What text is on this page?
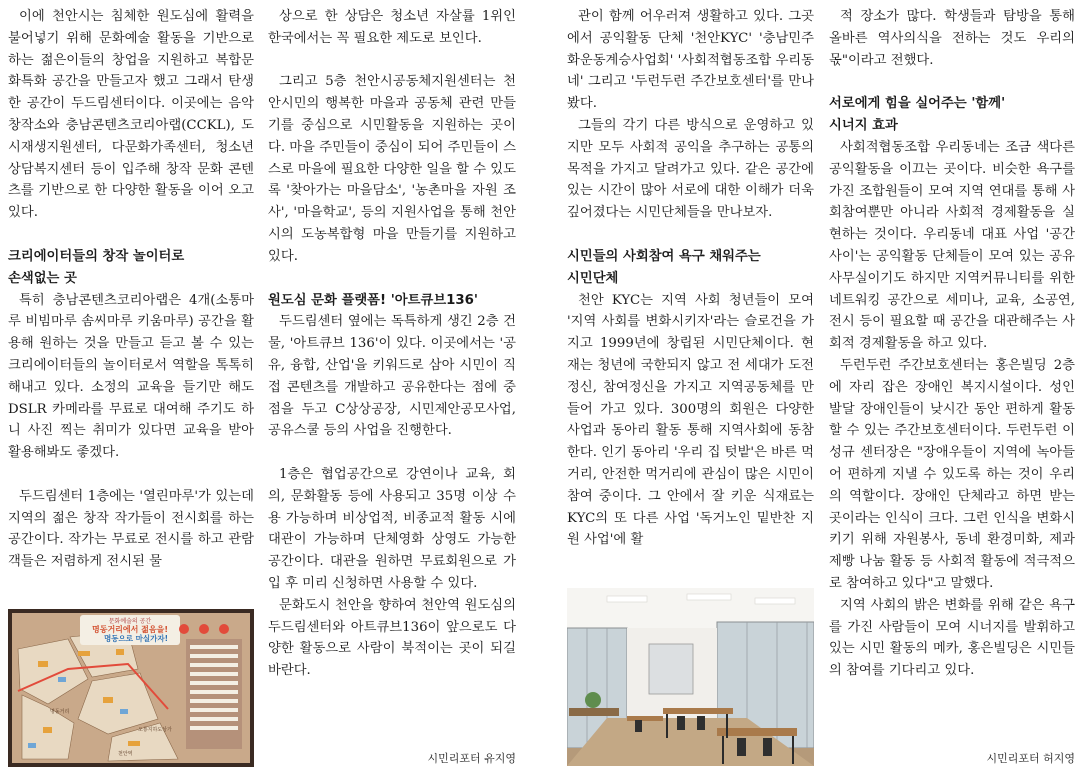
이에 천안시는 침체한 원도심에 활력을 불어넣기 위해 문화예술 활동을 기반으로 하는 젊은이들의 창업을 지원하고 복합문화특화 공간을 만들고자 했고 그래서 탄생한 공간이 두드림센터이다. 이곳에는 음악창작소와 충남콘텐츠코리아랩(CCKL), 도시재생지원센터, 다문화가족센터, 청소년상담복지센터 등이 입주해 창작 문화 콘텐츠를 기반으로 한 다양한 활동을 이어 오고 있다.

크리에이터들의 창작 놀이터로
손색없는 곳

특히 충남콘텐츠코리아랩은 4개(소통마루 비빔마루 솜씨마루 키움마루) 공간을 활용해 원하는 것을 만들고 듣고 볼 수 있는 크리에이터들의 놀이터로서 역할을 톡톡히 해내고 있다. 소정의 교육을 들기만 해도 DSLR 카메라를 무료로 대여해 주기도 하니 사진 찍는 취미가 있다면 교육을 받아 활용해봐도 좋겠다.

두드림센터 1층에는 '열린마루'가 있는데 지역의 젊은 창작 작가들이 전시회를 하는 공간이다. 작가는 무료로 전시를 하고 관람객들은 저렴하게 전시된 물

문화예술의 공간
명동거리에서 젊음을!
명동으로 마실가자!
명동거리
천안역
오룡지하도상가

상으로 한 상담은 청소년 자살률 1위인 한국에서는 꼭 필요한 제도로 보인다.

그리고 5층 천안시공동체지원센터는 천안시민의 행복한 마을과 공동체 관련 만들기를 중심으로 시민활동을 지원하는 곳이다. 마을 주민들이 중심이 되어 주민들이 스스로 마을에 필요한 다양한 일을 할 수 있도록 '찾아가는 마을담소', '농촌마을 자원 조사', '마을학교', 등의 지원사업을 통해 천안시의 도농복합형 마을 만들기를 지원하고 있다.

원도심 문화 플랫폼! '아트큐브136'

두드림센터 옆에는 독특하게 생긴 2층 건물, '아트큐브 136'이 있다. 이곳에서는 '공유, 융합, 산업'을 키워드로 삼아 시민이 직접 콘텐츠를 개발하고 공유한다는 점에 중점을 두고 C상상공장, 시민제안공모사업, 공유스쿨 등의 사업을 진행한다.

1층은 협업공간으로 강연이나 교육, 회의, 문화활동 등에 사용되고 35명 이상 수용 가능하며 비상업적, 비종교적 활동 시에 대관이 가능하며 단체영화 상영도 가능한 공간이다. 대관을 원하면 무료회원으로 가입 후 미리 신청하면 사용할 수 있다.

문화도시 천안을 향하여 천안역 원도심의 두드림센터와 아트큐브136이 앞으로도 다양한 활동으로 사람이 북적이는 곳이 되길 바란다.

시민리포터 유지영

관이 함께 어우러져 생활하고 있다. 그곳에서 공익활동 단체 '천안KYC' '충남민주화운동계승사업회' '사회적협동조합 우리동네' 그리고 '두런두런 주간보호센터'를 만나봤다.

그들의 각기 다른 방식으로 운영하고 있지만 모두 사회적 공익을 추구하는 공통의 목적을 가지고 달려가고 있다. 같은 공간에 있는 시간이 많아 서로에 대한 이해가 더욱 깊어졌다는 시민단체들을 만나보자.

시민들의 사회참여 욕구 채워주는
시민단체

천안 KYC는 지역 사회 청년들이 모여 '지역 사회를 변화시키자'라는 슬로건을 가지고 1999년에 창립된 시민단체이다. 현재는 청년에 국한되지 않고 전 세대가 도전정신, 참여정신을 가지고 지역공동체를 만들어 가고 있다. 300명의 회원은 다양한 사업과 동아리 활동 통해 지역사회에 동참한다. 인기 동아리 '우리 집 텃밭'은 바른 먹거리, 안전한 먹거리에 관심이 많은 시민이 참여 중이다. 그 안에서 잘 키운 식재료는 KYC의 또 다른 사업 '독거노인 밑반찬 지원 사업'에 활

적 장소가 많다. 학생들과 탐방을 통해 올바른 역사의식을 전하는 것도 우리의 몫"이라고 전했다.

서로에게 힘을 실어주는 '함께'
시너지 효과

사회적협동조합 우리동네는 조금 색다른 공익활동을 이끄는 곳이다. 비슷한 욕구를 가진 조합원들이 모여 지역 연대를 통해 사회참여뿐만 아니라 사회적 경제활동을 실현하는 것이다. 우리동네 대표 사업 '공간사이'는 공익활동 단체들이 모여 있는 공유사무실이기도 하지만 지역커뮤니티를 위한 네트워킹 공간으로 세미나, 교육, 소공연, 전시 등이 필요할 때 공간을 대관해주는 사회적 경제활동을 하고 있다.

두런두런 주간보호센터는 홍은빌딩 2층에 자리 잡은 장애인 복지시설이다. 성인 발달 장애인들이 낮시간 동안 편하게 활동할 수 있는 주간보호센터이다. 두런두런 이성규 센터장은 "장애우들이 지역에 녹아들어 편하게 지낼 수 있도록 하는 것이 우리의 역할이다. 장애인 단체라고 하면 받는 곳이라는 인식이 크다. 그런 인식을 변화시키기 위해 자원봉사, 동네 환경미화, 제과제빵 나눔 활동 등 사회적 활동에 적극적으로 참여하고 있다"고 말했다.

지역 사회의 밝은 변화를 위해 같은 욕구를 가진 사람들이 모여 시너지를 발휘하고 있는 시민 활동의 메카, 홍은빌딩은 시민들의 참여를 기다리고 있다.

시민리포터 허지영
